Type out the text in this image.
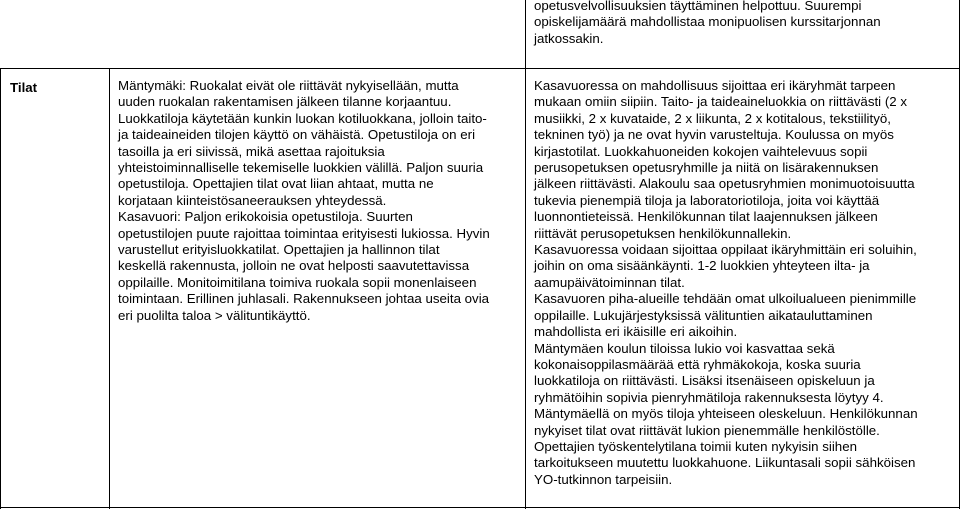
opetusvelvollisuuksien täyttäminen helpottuu. Suurempi
opiskelijamäärä mahdollistaa monipuolisen kurssitarjonnan
jatkossakin.
Tilat	Mäntymäki: Ruokalat eivät ole riittävät nykyisellään, mutta
uuden ruokalan rakentamisen jälkeen tilanne korjaantuu.
Luokkatiloja käytetään kunkin luokan kotiluokkana, jolloin taito-
ja taideaineiden tilojen käyttö on vähäistä. Opetustiloja on eri
tasoilla ja eri siivissä, mikä asettaa rajoituksia
yhteistoiminnalliselle tekemiselle luokkien välillä. Paljon suuria
opetustiloja. Opettajien tilat ovat liian ahtaat, mutta ne
korjataan kiinteistösaneerauksen yhteydessä.
Kasavuori: Paljon erikokoisia opetustiloja. Suurten
opetustilojen puute rajoittaa toimintaa erityisesti lukiossa. Hyvin
varustellut erityisluokkatilat. Opettajien ja hallinnon tilat
keskellä rakennusta, jolloin ne ovat helposti saavutettavissa
oppilaille. Monitoimitilana toimiva ruokala sopii monenlaiseen
toimintaan. Erillinen juhlasali. Rakennukseen johtaa useita ovia
eri puolilta taloa > välituntikäyttö.
Kasavuoressa on mahdollisuus sijoittaa eri ikäryhmät tarpeen
mukaan omiin siipiin. Taito- ja taideaineluokkia on riittävästi (2 x
musiikki, 2 x kuvataide, 2 x liikunta, 2 x kotitalous, tekstiilityö,
tekninen työ) ja ne ovat hyvin varusteltuja. Koulussa on myös
kirjastotilat. Luokkahuoneiden kokojen vaihtelevuus sopii
perusopetuksen opetusryhmille ja niitä on lisärakennuksen
jälkeen riittävästi. Alakoulu saa opetusryhmien monimuotoisuutta
tukevia pienempiä tiloja ja laboratoriotiloja, joita voi käyttää
luonnontieteissä. Henkilökunnan tilat laajennuksen jälkeen
riittävät perusopetuksen henkilökunnallekin.
Kasavuoressa voidaan sijoittaa oppilaat ikäryhmittäin eri soluihin,
joihin on oma sisäänkäynti. 1-2 luokkien yhteyteen ilta- ja
aamupäivätoiminnan tilat.
Kasavuoren piha-alueille tehdään omat ulkoilualueen pienimmille
oppilaille. Lukujärjestyksissä välituntien aikatauluttaminen
mahdollista eri ikäisille eri aikoihin.
Mäntymäen koulun tiloissa lukio voi kasvattaa sekä
kokonaisoppilasmäärää että ryhmäkokoja, koska suuria
luokkatiloja on riittävästi. Lisäksi itsenäiseen opiskeluun ja
ryhmätöihin sopivia pienryhmätiloja rakennuksesta löytyy 4.
Mäntymäellä on myös tiloja yhteiseen oleskeluun. Henkilökunnan
nykyiset tilat ovat riittävät lukion pienemmälle henkilöstölle.
Opettajien työskentelytilana toimii kuten nykyisin siihen
tarkoitukseen muutettu luokkahuone. Liikuntasali sopii sähköisen
YO-tutkinnon tarpeisiin.
